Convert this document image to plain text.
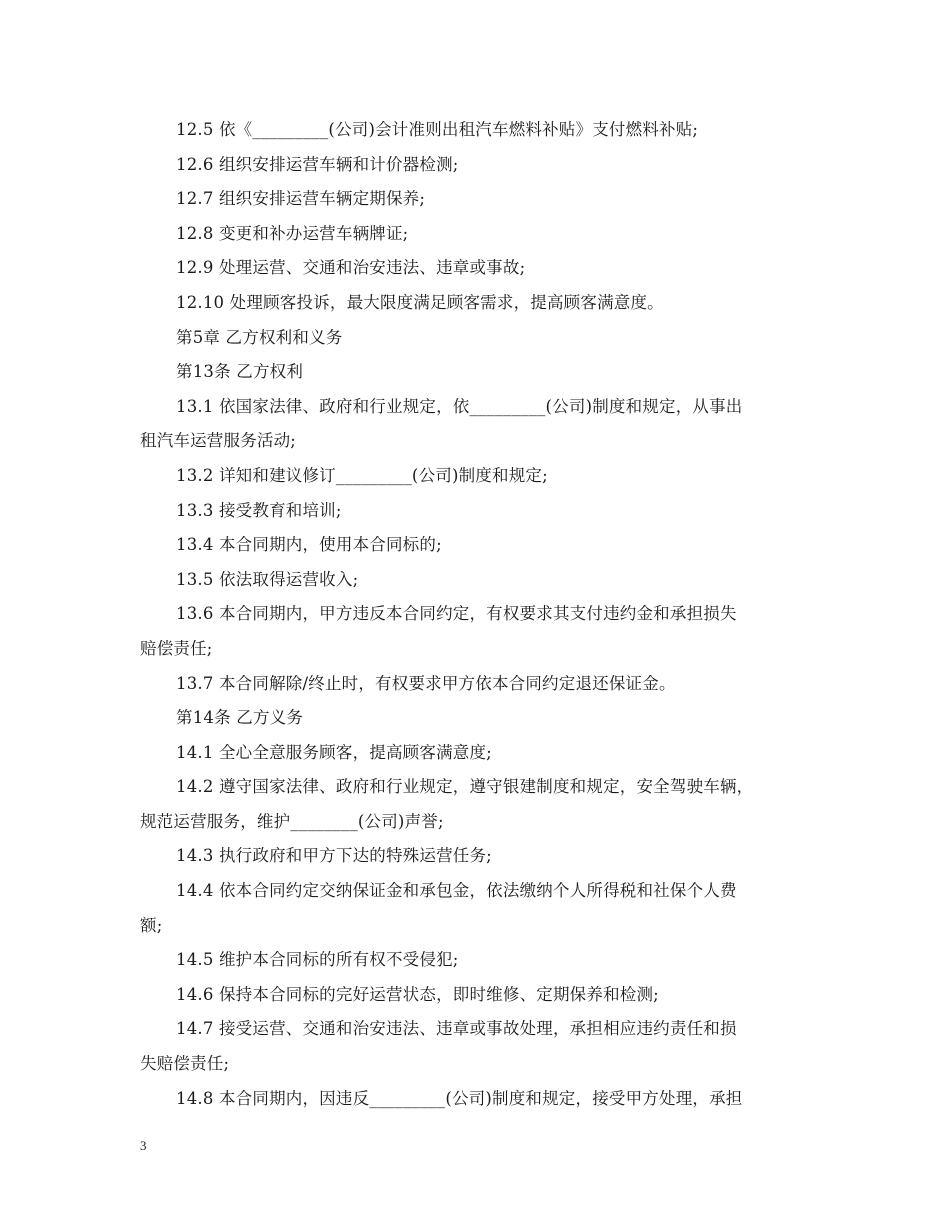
12.5 依《_________(公司)会计准则出租汽车燃料补贴》支付燃料补贴;
12.6 组织安排运营车辆和计价器检测;
12.7 组织安排运营车辆定期保养;
12.8 变更和补办运营车辆牌证;
12.9 处理运营、交通和治安违法、违章或事故;
12.10 处理顾客投诉，最大限度满足顾客需求，提高顾客满意度。
第5章 乙方权利和义务
第13条 乙方权利
13.1 依国家法律、政府和行业规定，依_________(公司)制度和规定，从事出
租汽车运营服务活动;
13.2 详知和建议修订_________(公司)制度和规定;
13.3 接受教育和培训;
13.4 本合同期内，使用本合同标的;
13.5 依法取得运营收入;
13.6 本合同期内，甲方违反本合同约定，有权要求其支付违约金和承担损失
赔偿责任;
13.7 本合同解除/终止时，有权要求甲方依本合同约定退还保证金。
第14条 乙方义务
14.1 全心全意服务顾客，提高顾客满意度;
14.2 遵守国家法律、政府和行业规定，遵守银建制度和规定，安全驾驶车辆，
规范运营服务，维护________(公司)声誉;
14.3 执行政府和甲方下达的特殊运营任务;
14.4 依本合同约定交纳保证金和承包金，依法缴纳个人所得税和社保个人费
额;
14.5 维护本合同标的所有权不受侵犯;
14.6 保持本合同标的完好运营状态，即时维修、定期保养和检测;
14.7 接受运营、交通和治安违法、违章或事故处理，承担相应违约责任和损
失赔偿责任;
14.8 本合同期内，因违反_________(公司)制度和规定，接受甲方处理，承担
3
